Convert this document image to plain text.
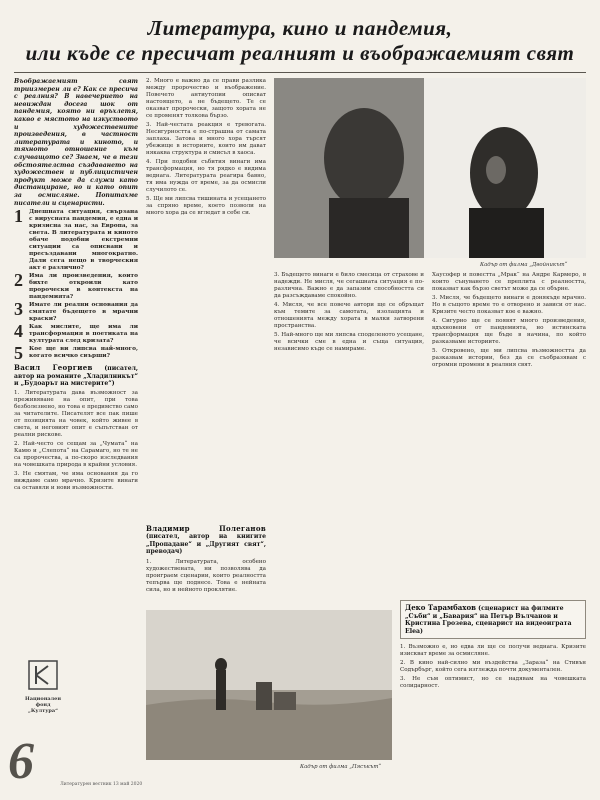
Литература, кино и пандемия,
или къде се пресичат реалният и въображаемият свят

Въображаемият свят триизмерен ли е? Как се пресича с реалния? В навечерието на невиждан досега шок от пандемия, която ни връхлетя, какво е мястото на изкуството и художествените произведения, в частност литературата и киното, и тяхното отношение към случващото се? Знаем, че в тези обстоятелства създаването на художествен и публицистичен продукт може да служи като дистанциране, но и като опит за осмисляне. Попитахме писатели и сценаристи.

1	Днешната ситуация, свързана с вирусната пандемия, е една и кризисна за нас, за Европа, за света. В литературата и киното обаче подобни екстремни ситуации са описвани и пресъздавани многократно. Дали сега нещо в творческия акт е различно?
2	Има ли произведения, които бихте откроили като пророчески в контекста на пандемията?
3	Имате ли реални основания да смятате бъдещето в мрачни краски?
4	Как мислите, ще има ли трансформация в поетиката на културата след кризата?
5	Кое ще ви липсва най-много, когато всичко свърши?
Васил Георгиев (писател, автор на романите „Хладилникът“ и „Будоарът на мистерите“)

1. Литературата дава възможност за преживяване на опит, при това безболезнено, но това е предимство само за читателите. Писателят все пак пише от позицията на човек, който живее в света, и неговият опит е съпътстван от реални рискове.

2. Най-често се сещам за „Чумата“ на Камю и „Слепота“ на Сарамаго, но те не са пророчества, а по-скоро изследвания на човешката природа в крайни условия.

3. Не смятам, че има основания да го виждаме само мрачно. Кризите винаги са оставяли и нови възможности.

Национален
фонд
„Култура“

2. Много е важно да се прави разлика между пророчество и въображение. Повечето антиутопии описват настоящето, а не бъдещето. Те се оказват пророчески, защото хората не се променят толкова бързо.

3. Най-честата реакция е тревогата. Несигурността е по-страшна от самата заплаха. Затова и много хора търсят убежище в историите, които им дават някаква структура и смисъл в хаоса.

4. При подобни събития винаги има трансформация, но тя рядко е видима веднага. Литературата реагира бавно, тя има нужда от време, за да осмисли случилото се.

5. Ще ми липсва тишината и усещането за спряно време, което позволи на много хора да се вгледат в себе си.

Владимир Полеганов (писател, автор на книгите „Пропадане“ и „Другият свят“, преводач)

1. Литературата, особено художествената, ни позволява да проиграем сценарии, които реалността тепърва ще поднесе. Това е нейната сила, но и нейното проклятие.

Кадър от филма „Двойникът“

3. Бъдещето винаги е било смесица от страхове и надежди. Не мисля, че сегашната ситуация е по-различна. Важно е да запазим способността си да разсъждаваме спокойно.

4. Мисля, че все повече автори ще се обръщат към темите за самотата, изолацията и отношенията между хората в малки затворени пространства.

5. Най-много ще ми липсва споделеното усещане, че всички сме в една и съща ситуация, независимо къде се намираме.

Хаусофер и повестта „Мрак“ на Андре Кармеро, в които сънуването се преплита с реалността, показват как бързо светът може да се обърне.

3. Мисля, че бъдещето винаги е донякъде мрачно. Но в същото време то е отворено и зависи от нас. Кризите често показват кое е важно.

4. Сигурно ще се появят много произведения, вдъхновени от пандемията, но истинската трансформация ще бъде в начина, по който разказваме историите.

5. Откровено, ще ми липсва възможността да разказвам истории, без да се съобразявам с огромни промени в реалния свят.

Кадър от филма „Пясъкът“
Деко Тарамбахов (сценарист на филмите „Съби“ и „Бавария“ на Петър Вълчанов и Кристина Грозева, сценарист на видеоиграта Elea)

1. Възможно е, но едва ли ще се получи веднага. Кризите изискват време за осмисляне.

2. В кино най-силно ми въздейства „Зараза“ на Стивън Содърбърг, който сега изглежда почти документален.

3. Не съм оптимист, но се надявам на човешката солидарност.

6	Литературен вестник 13 май 2020
